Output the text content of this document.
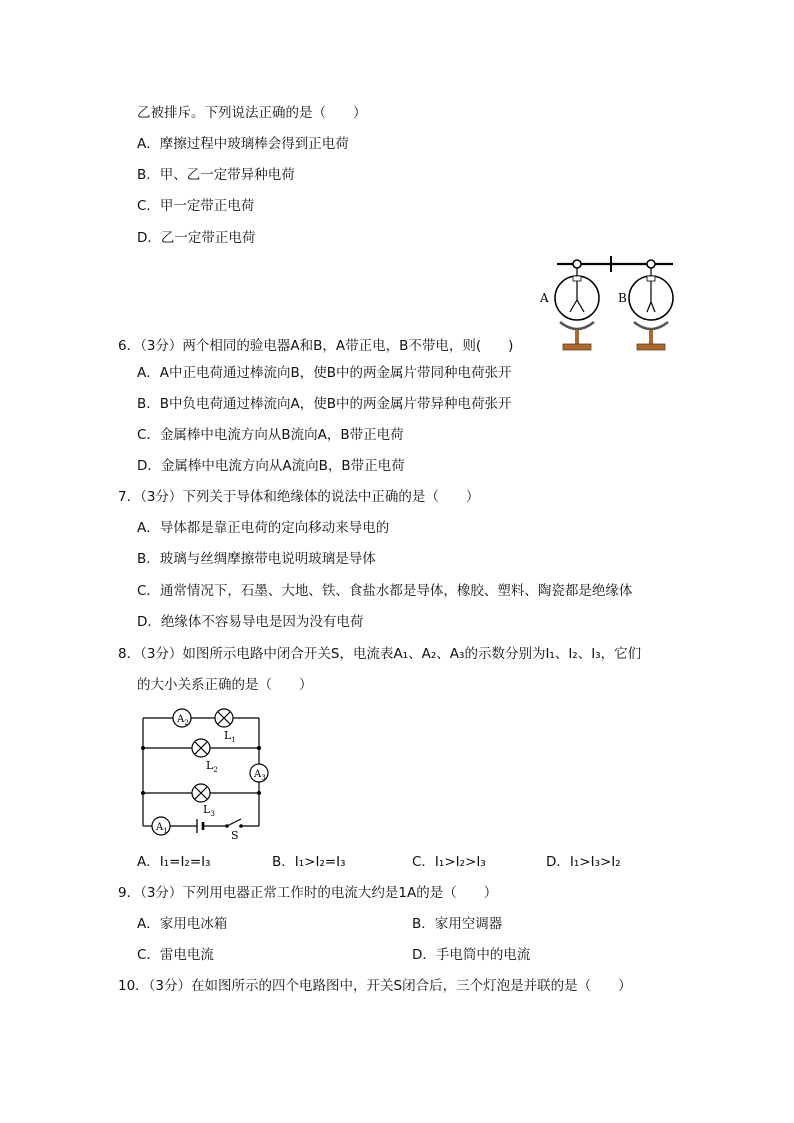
乙被排斥。下列说法正确的是（　　）
A．摩擦过程中玻璃棒会得到正电荷
B．甲、乙一定带异种电荷
C．甲一定带正电荷
D．乙一定带正电荷
A	B
6．（3分）两个相同的验电器A和B，A带正电，B不带电，则(　　)
A．A中正电荷通过棒流向B，使B中的两金属片带同种电荷张开
B．B中负电荷通过棒流向A，使B中的两金属片带异种电荷张开
C．金属棒中电流方向从B流向A，B带正电荷
D．金属棒中电流方向从A流向B，B带正电荷
7．（3分）下列关于导体和绝缘体的说法中正确的是（　　）
A．导体都是靠正电荷的定向移动来导电的
B．玻璃与丝绸摩擦带电说明玻璃是导体
C．通常情况下，石墨、大地、铁、食盐水都是导体，橡胶、塑料、陶瓷都是绝缘体
D．绝缘体不容易导电是因为没有电荷
8．（3分）如图所示电路中闭合开关S，电流表A₁、A₂、A₃的示数分别为I₁、I₂、I₃，它们
的大小关系正确的是（　　）
$A_2$
$L_1$
$L_2$	$A_3$
$L_3$
$A_1$	S
A．I₁=I₂=I₃	B．I₁>I₂=I₃	C．I₁>I₂>I₃	D．I₁>I₃>I₂
9．（3分）下列用电器正常工作时的电流大约是1A的是（　　）
A．家用电冰箱	B．家用空调器
C．雷电电流	D．手电筒中的电流
10．（3分）在如图所示的四个电路图中，开关S闭合后，三个灯泡是并联的是（　　）
